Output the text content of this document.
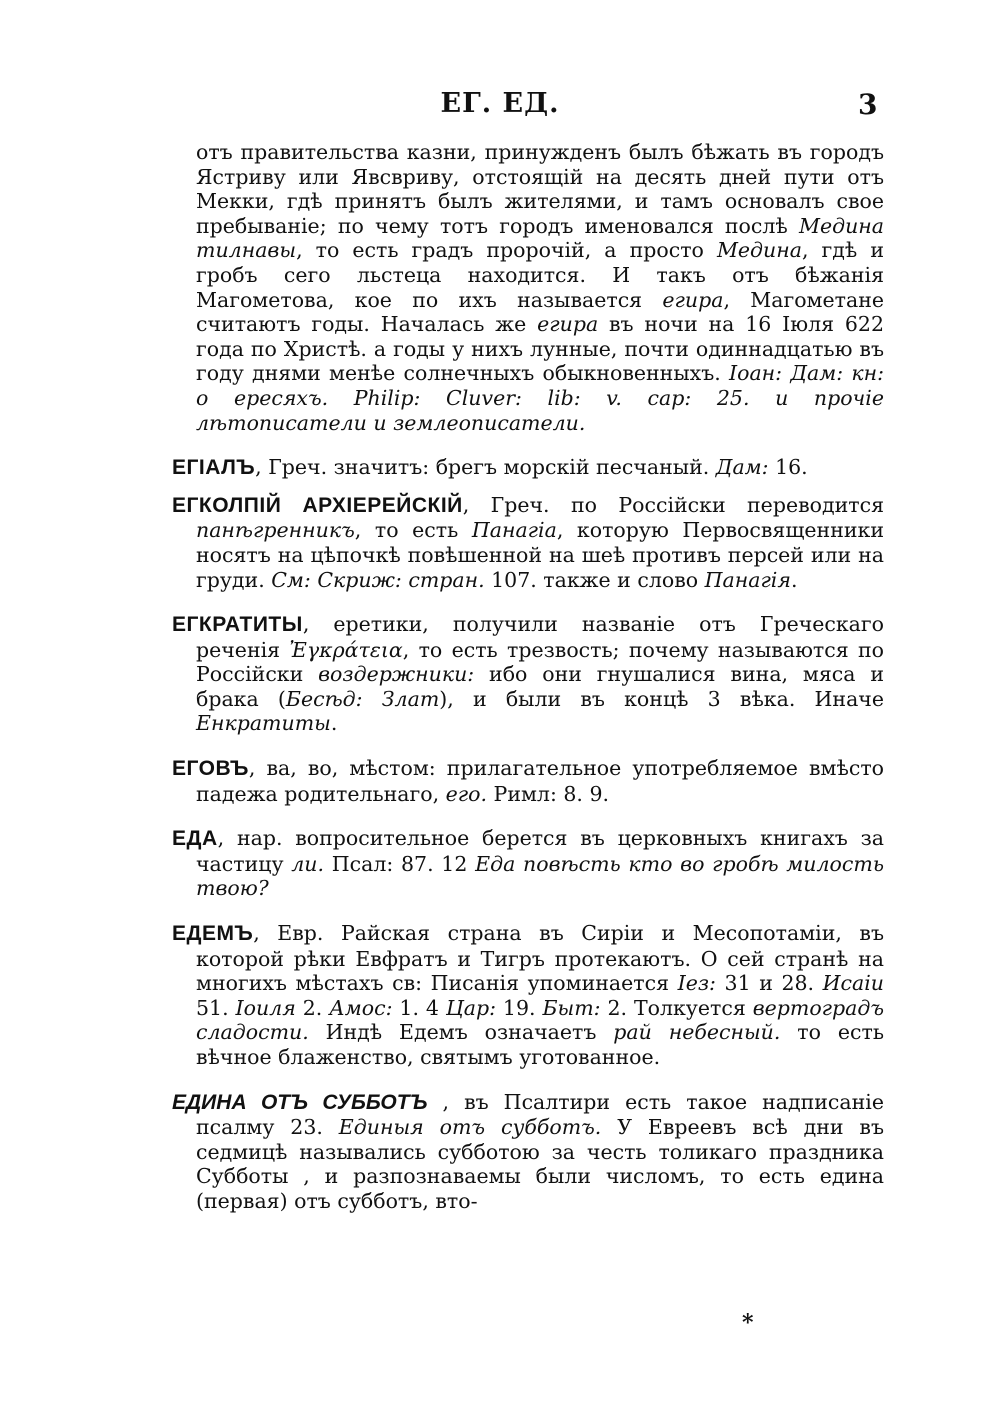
ЕГ. ЕД.	3

отъ правительства казни, принужденъ былъ бѣжать въ городъ Ястриву или Явсвриву, отстоящій на десять дней пути отъ Мекки, гдѣ принятъ былъ жителями, и тамъ основалъ свое пребываніе; по чему тотъ городъ именовался послѣ Медина тилнавы, то есть градъ пророчій, а просто Медина, гдѣ и гробъ сего льстеца находится. И такъ отъ бѣжанія Магометова, кое по ихъ называется егира, Магометане считаютъ годы. Началась же егира въ ночи на 16 Іюля 622 года по Христѣ. а годы у нихъ лунные, почти одиннадцатью въ году днями менѣе солнечныхъ обыкновенныхъ. Іоан: Дам: кн: о ересяхъ. Philip: Cluver: lib: v. cap: 25. и прочіе лѣтописатели и землеописатели.

ЕГІАЛЪ, Греч. значитъ: брегъ морскій песчаный. Дам: 16.

ЕГКОЛПІЙ АРХІЕРЕЙСКІЙ, Греч. по Россійски переводится панѣгренникъ, то есть Панагіа, которую Первосвященники носятъ на цѣпочкѣ повѣшенной на шеѣ противъ персей или на груди. См: Скриж: стран. 107. также и слово Панагія.

ЕГКРАТИТЫ, еретики, получили названіе отъ Греческаго реченія Ἐγκράτεια, то есть трезвость; почему называются по Россійски воздержники: ибо они гнушалися вина, мяса и брака (Бесѣд: Злат), и были въ концѣ 3 вѣка. Иначе Енкратиты.

ЕГОВЪ, ва, во, мѣстом: прилагательное употребляемое вмѣсто падежа родительнаго, его. Римл: 8. 9.

ЕДА, нар. вопросительное берется въ церковныхъ книгахъ за частицу ли. Псал: 87. 12 Еда повѣсть кто во гробѣ милость твою?

ЕДЕМЪ, Евр. Райская страна въ Сиріи и Месопотаміи, въ которой рѣки Евфратъ и Тигръ протекаютъ. О сей странѣ на многихъ мѣстахъ св: Писанія упоминается Іез: 31 и 28. Исаіи 51. Іоиля 2. Амос: 1. 4 Цар: 19. Быт: 2. Толкуется вертоградъ сладости. Индѣ Едемъ означаетъ рай небесный. то есть вѣчное блаженство, святымъ уготованное.

ЕДИНА ОТЪ СУББОТЪ , въ Псалтири есть такое надписаніе псалму 23. Единыя отъ субботъ. У Евреевъ всѣ дни въ седмицѣ назывались субботою за честь толикаго праздника Субботы , и разпознаваемы были числомъ, то есть едина (первая) отъ субботъ, вто-

*
